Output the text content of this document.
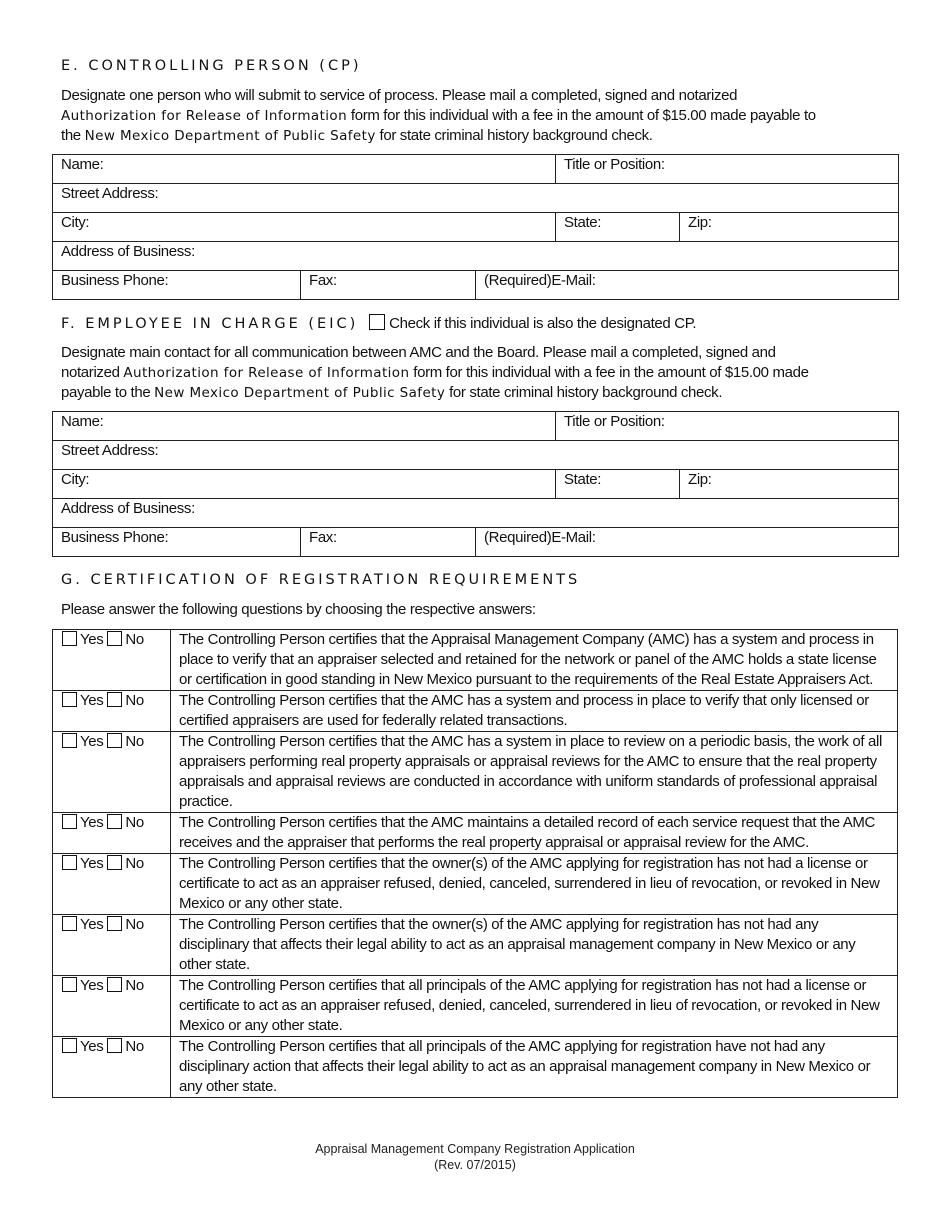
E. CONTROLLING PERSON (CP)
Designate one person who will submit to service of process. Please mail a completed, signed and notarized
Authorization for Release of Information form for this individual with a fee in the amount of $15.00 made payable to
the New Mexico Department of Public Safety for state criminal history background check.
Name:			Title or Position:	

Street Address:				

City:			State:	Zip:

Address of Business:				

Business Phone:	Fax:	(Required)E-Mail:		
F. EMPLOYEE IN CHARGE (EIC) Check if this individual is also the designated CP.
Designate main contact for all communication between AMC and the Board. Please mail a completed, signed and
notarized Authorization for Release of Information form for this individual with a fee in the amount of $15.00 made
payable to the New Mexico Department of Public Safety for state criminal history background check.
Name:			Title or Position:	

Street Address:				

City:			State:	Zip:

Address of Business:				

Business Phone:	Fax:	(Required)E-Mail:		
G. CERTIFICATION OF REGISTRATION REQUIREMENTS
Please answer the following questions by choosing the respective answers:
Yes No	The Controlling Person certifies that the Appraisal Management Company (AMC) has a system and process in place to verify that an appraiser selected and retained for the network or panel of the AMC holds a state license or certification in good standing in New Mexico pursuant to the requirements of the Real Estate Appraisers Act.
Yes No	The Controlling Person certifies that the AMC has a system and process in place to verify that only licensed or certified appraisers are used for federally related transactions.
Yes No	The Controlling Person certifies that the AMC has a system in place to review on a periodic basis, the work of all appraisers performing real property appraisals or appraisal reviews for the AMC to ensure that the real property appraisals and appraisal reviews are conducted in accordance with uniform standards of professional appraisal practice.
Yes No	The Controlling Person certifies that the AMC maintains a detailed record of each service request that the AMC receives and the appraiser that performs the real property appraisal or appraisal review for the AMC.
Yes No	The Controlling Person certifies that the owner(s) of the AMC applying for registration has not had a license or certificate to act as an appraiser refused, denied, canceled, surrendered in lieu of revocation, or revoked in New Mexico or any other state.
Yes No	The Controlling Person certifies that the owner(s) of the AMC applying for registration has not had any disciplinary that affects their legal ability to act as an appraisal management company in New Mexico or any other state.
Yes No	The Controlling Person certifies that all principals of the AMC applying for registration has not had a license or certificate to act as an appraiser refused, denied, canceled, surrendered in lieu of revocation, or revoked in New Mexico or any other state.
Yes No	The Controlling Person certifies that all principals of the AMC applying for registration have not had any disciplinary action that affects their legal ability to act as an appraisal management company in New Mexico or any other state.
Appraisal Management Company Registration Application
(Rev. 07/2015)
